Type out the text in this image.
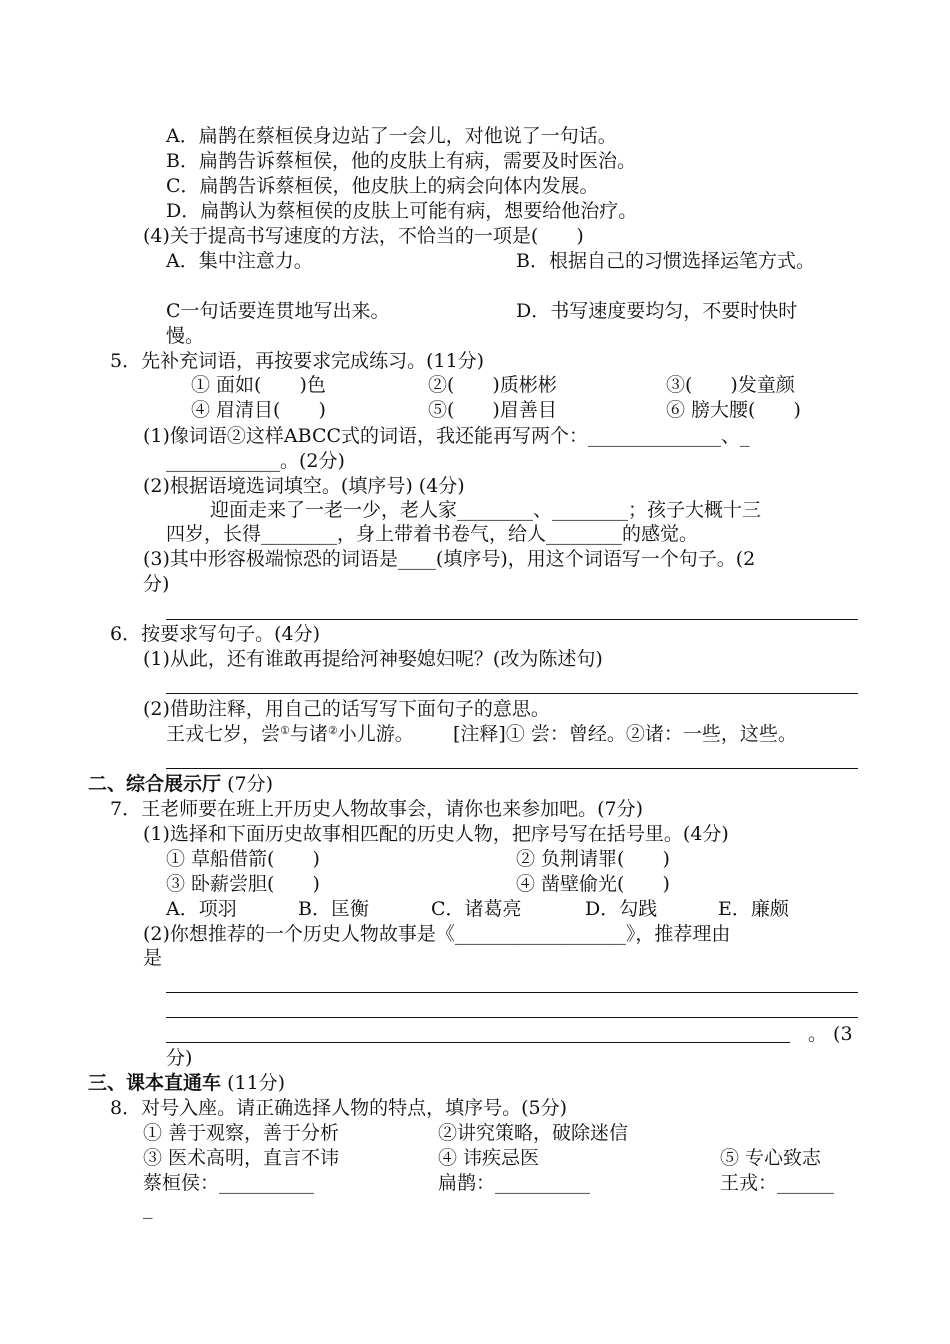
A．扁鹊在蔡桓侯身边站了一会儿，对他说了一句话。
B．扁鹊告诉蔡桓侯，他的皮肤上有病，需要及时医治。
C．扁鹊告诉蔡桓侯，他皮肤上的病会向体内发展。
D．扁鹊认为蔡桓侯的皮肤上可能有病，想要给他治疗。
(4)关于提高书写速度的方法，不恰当的一项是(　　)
A．集中注意力。	B．根据自己的习惯选择运笔方式。
C一句话要连贯地写出来。	D．书写速度要均匀，不要时快时
慢。
5．先补充词语，再按要求完成练习。(11分)
① 面如(　　)色	②(　　)质彬彬	③(　　)发童颜
④ 眉清目(　　)	⑤(　　)眉善目	⑥ 膀大腰(　　)
(1)像词语②这样ABCC式的词语，我还能再写两个：______________、_
____________。(2分)
(2)根据语境选词填空。(填序号) (4分)
迎面走来了一老一少，老人家________、________；孩子大概十三
四岁，长得________，身上带着书卷气，给人________的感觉。
(3)其中形容极端惊恐的词语是____(填序号)，用这个词语写一个句子。(2
分)
6．按要求写句子。(4分)
(1)从此，还有谁敢再提给河神娶媳妇呢？(改为陈述句)
(2)借助注释，用自己的话写写下面句子的意思。
王戎七岁，尝①与诸②小儿游。 [注释]① 尝：曾经。②诸：一些，这些。
二、综合展示厅 (7分)
7．王老师要在班上开历史人物故事会，请你也来参加吧。(7分)
(1)选择和下面历史故事相匹配的历史人物，把序号写在括号里。(4分)
① 草船借箭(　　)	② 负荆请罪(　　)
③ 卧薪尝胆(　　)	④ 凿壁偷光(　　)
A．项羽	B．匡衡	C．诸葛亮	D．勾践	E．廉颇
(2)你想推荐的一个历史人物故事是《__________________》，推荐理由
是
。 (3
分)
三、课本直通车 (11分)
8．对号入座。请正确选择人物的特点，填序号。(5分)
① 善于观察，善于分析	②讲究策略，破除迷信
③ 医术高明，直言不讳	④ 讳疾忌医	⑤ 专心致志
蔡桓侯：__________	扁鹊：__________	王戎：______
_
